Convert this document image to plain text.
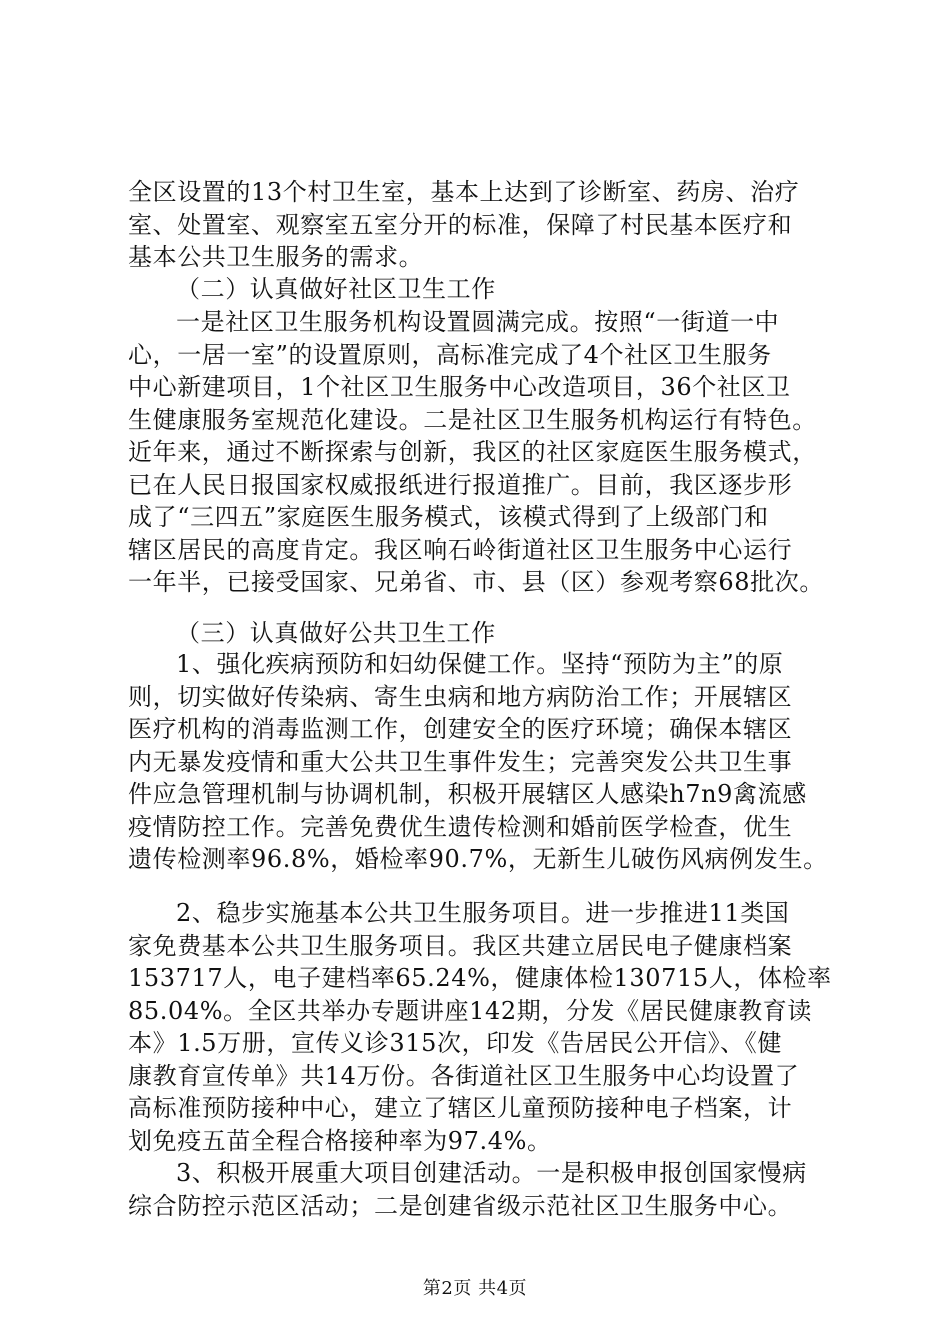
全区设置的13个村卫生室，基本上达到了诊断室、药房、治疗
室、处置室、观察室五室分开的标准，保障了村民基本医疗和
基本公共卫生服务的需求。
（二）认真做好社区卫生工作
一是社区卫生服务机构设置圆满完成。按照“一街道一中
心，一居一室”的设置原则，高标准完成了4个社区卫生服务
中心新建项目，1个社区卫生服务中心改造项目，36个社区卫
生健康服务室规范化建设。二是社区卫生服务机构运行有特色。
近年来，通过不断探索与创新，我区的社区家庭医生服务模式，
已在人民日报国家权威报纸进行报道推广。目前，我区逐步形
成了“三四五”家庭医生服务模式，该模式得到了上级部门和
辖区居民的高度肯定。我区响石岭街道社区卫生服务中心运行
一年半，已接受国家、兄弟省、市、县（区）参观考察68批次。
（三）认真做好公共卫生工作
1、强化疾病预防和妇幼保健工作。坚持“预防为主”的原
则，切实做好传染病、寄生虫病和地方病防治工作；开展辖区
医疗机构的消毒监测工作，创建安全的医疗环境；确保本辖区
内无暴发疫情和重大公共卫生事件发生；完善突发公共卫生事
件应急管理机制与协调机制，积极开展辖区人感染h7n9禽流感
疫情防控工作。完善免费优生遗传检测和婚前医学检查，优生
遗传检测率96.8%，婚检率90.7%，无新生儿破伤风病例发生。
2、稳步实施基本公共卫生服务项目。进一步推进11类国
家免费基本公共卫生服务项目。我区共建立居民电子健康档案
153717人，电子建档率65.24%，健康体检130715人，体检率
85.04%。全区共举办专题讲座142期，分发《居民健康教育读
本》1.5万册，宣传义诊315次，印发《告居民公开信》、《健
康教育宣传单》共14万份。各街道社区卫生服务中心均设置了
高标准预防接种中心，建立了辖区儿童预防接种电子档案，计
划免疫五苗全程合格接种率为97.4%。
3、积极开展重大项目创建活动。一是积极申报创国家慢病
综合防控示范区活动；二是创建省级示范社区卫生服务中心。
第2页 共4页
